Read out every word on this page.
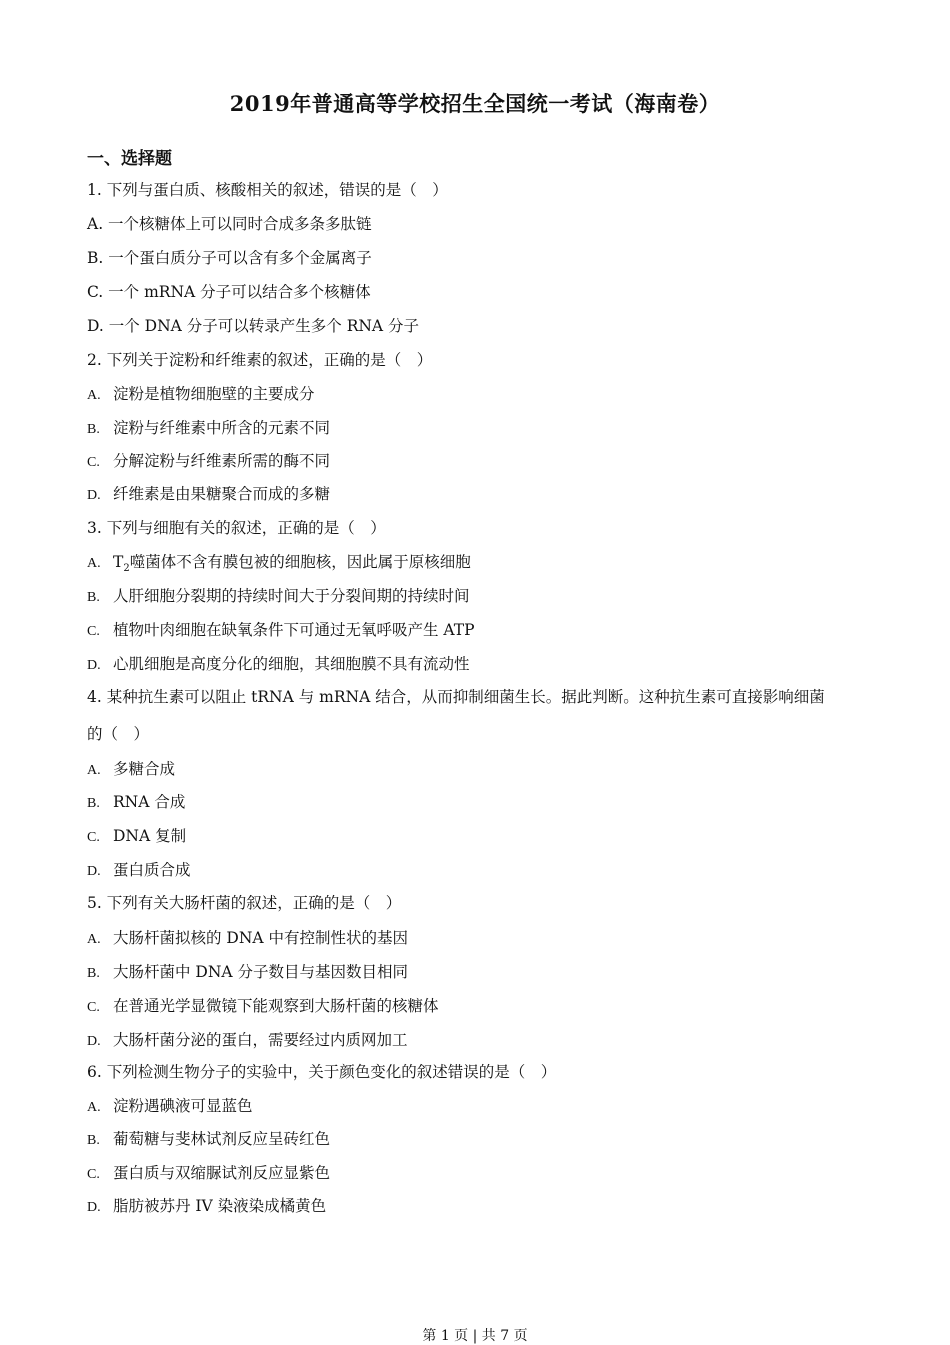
2019年普通高等学校招生全国统一考试（海南卷）
一、选择题
1. 下列与蛋白质、核酸相关的叙述，错误的是（　）
A. 一个核糖体上可以同时合成多条多肽链
B. 一个蛋白质分子可以含有多个金属离子
C. 一个 mRNA 分子可以结合多个核糖体
D. 一个 DNA 分子可以转录产生多个 RNA 分子
2. 下列关于淀粉和纤维素的叙述，正确的是（　）
A. 淀粉是植物细胞壁的主要成分
B. 淀粉与纤维素中所含的元素不同
C. 分解淀粉与纤维素所需的酶不同
D. 纤维素是由果糖聚合而成的多糖
3. 下列与细胞有关的叙述，正确的是（　）
A. $T_2$噬菌体不含有膜包被的细胞核，因此属于原核细胞
B. 人肝细胞分裂期的持续时间大于分裂间期的持续时间
C. 植物叶肉细胞在缺氧条件下可通过无氧呼吸产生 ATP
D. 心肌细胞是高度分化的细胞，其细胞膜不具有流动性
4. 某种抗生素可以阻止 tRNA 与 mRNA 结合，从而抑制细菌生长。据此判断。这种抗生素可直接影响细菌
的（　）
A. 多糖合成
B. RNA 合成
C. DNA 复制
D. 蛋白质合成
5. 下列有关大肠杆菌的叙述，正确的是（　）
A. 大肠杆菌拟核的 DNA 中有控制性状的基因
B. 大肠杆菌中 DNA 分子数目与基因数目相同
C. 在普通光学显微镜下能观察到大肠杆菌的核糖体
D. 大肠杆菌分泌的蛋白，需要经过内质网加工
6. 下列检测生物分子的实验中，关于颜色变化的叙述错误的是（　）
A. 淀粉遇碘液可显蓝色
B. 葡萄糖与斐林试剂反应呈砖红色
C. 蛋白质与双缩脲试剂反应显紫色
D. 脂肪被苏丹 IV 染液染成橘黄色
第 1 页 | 共 7 页
